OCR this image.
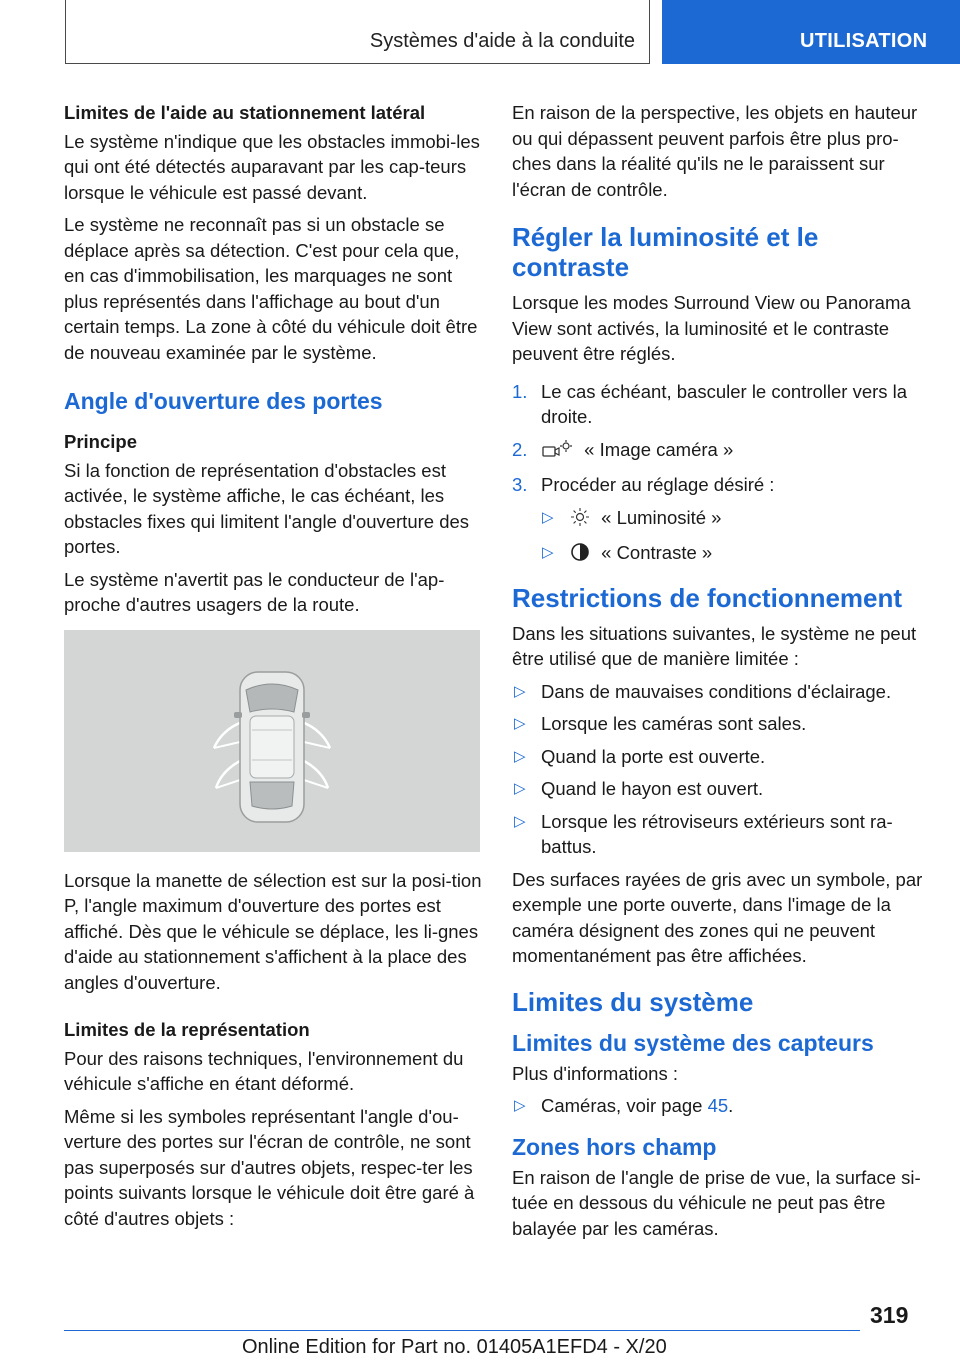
Systèmes d'aide à la conduite	UTILISATION
Limites de l'aide au stationnement latéral

Le système n'indique que les obstacles immobi-les qui ont été détectés auparavant par les cap-teurs lorsque le véhicule est passé devant.

Le système ne reconnaît pas si un obstacle se déplace après sa détection. C'est pour cela que, en cas d'immobilisation, les marquages ne sont plus représentés dans l'affichage au bout d'un certain temps. La zone à côté du véhicule doit être de nouveau examinée par le système.

Angle d'ouverture des portes
Principe

Si la fonction de représentation d'obstacles est activée, le système affiche, le cas échéant, les obstacles fixes qui limitent l'angle d'ouverture des portes.

Le système n'avertit pas le conducteur de l'ap-proche d'autres usagers de la route.

Lorsque la manette de sélection est sur la posi-tion P, l'angle maximum d'ouverture des portes est affiché. Dès que le véhicule se déplace, les li-gnes d'aide au stationnement s'affichent à la place des angles d'ouverture.

Limites de la représentation

Pour des raisons techniques, l'environnement du véhicule s'affiche en étant déformé.

Même si les symboles représentant l'angle d'ou-verture des portes sur l'écran de contrôle, ne sont pas superposés sur d'autres objets, respec-ter les points suivants lorsque le véhicule doit être garé à côté d'autres objets :

En raison de la perspective, les objets en hauteur ou qui dépassent peuvent parfois être plus pro-ches dans la réalité qu'ils ne le paraissent sur l'écran de contrôle.

Régler la luminosité et le contraste

Lorsque les modes Surround View ou Panorama View sont activés, la luminosité et le contraste peuvent être réglés.

1. Le cas échéant, basculer le controller vers la droite.
2.	« Image caméra »
3. Procéder au réglage désiré :
▷	« Luminosité »
▷	« Contraste »
Restrictions de fonctionnement

Dans les situations suivantes, le système ne peut être utilisé que de manière limitée :

▷ Dans de mauvaises conditions d'éclairage.
▷ Lorsque les caméras sont sales.
▷ Quand la porte est ouverte.
▷ Quand le hayon est ouvert.
▷ Lorsque les rétroviseurs extérieurs sont ra-battus.

Des surfaces rayées de gris avec un symbole, par exemple une porte ouverte, dans l'image de la caméra désignent des zones qui ne peuvent momentanément pas être affichées.

Limites du système
Limites du système des capteurs

Plus d'informations :

▷ Caméras, voir page 45.
Zones hors champ

En raison de l'angle de prise de vue, la surface si-tuée en dessous du véhicule ne peut pas être balayée par les caméras.

319
Online Edition for Part no. 01405A1EFD4 - X/20
